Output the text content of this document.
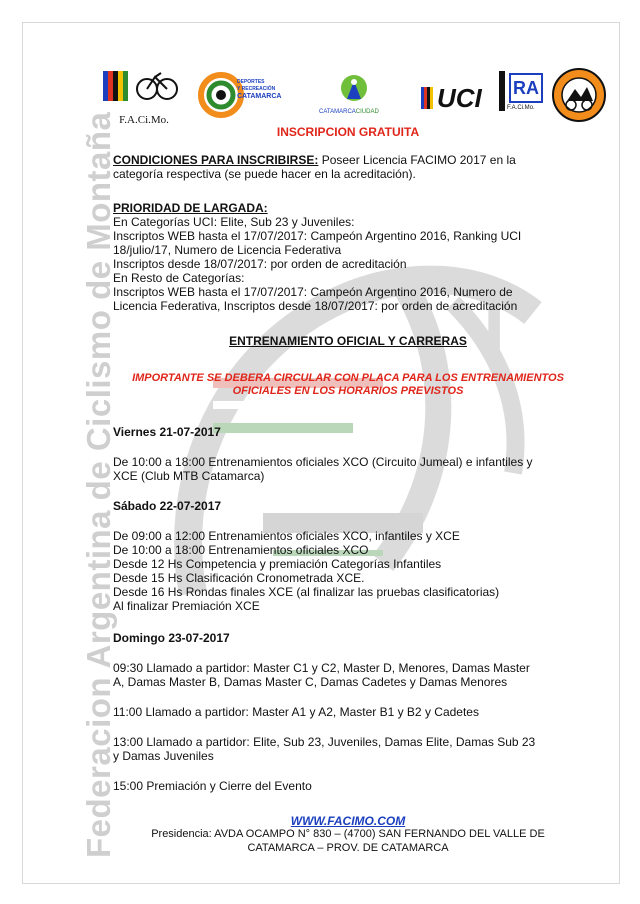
I
Federacion Argentina de Ciclismo de Montaña F.A.Ci.Mo.
DEPORTES
Y RECREACIÓN
CATAMARCA
CATAMARCACIUDAD	UCI RA
F.A.Ci.Mo.

INSCRIPCION GRATUITA

CONDICIONES PARA INSCRIBIRSE: Poseer Licencia FACIMO 2017 en la

categoría respectiva (se puede hacer en la acreditación).

PRIORIDAD DE LARGADA:

En Categorías UCI: Elite, Sub 23 y Juveniles:

Inscriptos WEB hasta el 17/07/2017: Campeón Argentino 2016, Ranking UCI

18/julio/17, Numero de Licencia Federativa

Inscriptos desde 18/07/2017: por orden de acreditación

En Resto de Categorías:

Inscriptos WEB hasta el 17/07/2017: Campeón Argentino 2016, Numero de

Licencia Federativa, Inscriptos desde 18/07/2017: por orden de acreditación

ENTRENAMIENTO OFICIAL Y CARRERAS

IMPORTANTE SE DEBERA CIRCULAR CON PLACA PARA LOS ENTRENAMIENTOS

OFICIALES EN LOS HORARIOS PREVISTOS

Viernes 21-07-2017

De 10:00 a 18:00 Entrenamientos oficiales XCO (Circuito Jumeal) e infantiles y

XCE (Club MTB Catamarca)

Sábado 22-07-2017

De 09:00 a 12:00 Entrenamientos oficiales XCO, infantiles y XCE

De 10:00 a 18:00 Entrenamientos oficiales XCO

Desde 12 Hs Competencia y premiación Categorías Infantiles

Desde 15 Hs Clasificación Cronometrada XCE.

Desde 16 Hs Rondas finales XCE (al finalizar las pruebas clasificatorias)

Al finalizar Premiación XCE

Domingo 23-07-2017

09:30 Llamado a partidor: Master C1 y C2, Master D, Menores, Damas Master

A, Damas Master B, Damas Master C, Damas Cadetes y Damas Menores

11:00 Llamado a partidor: Master A1 y A2, Master B1 y B2 y Cadetes

13:00 Llamado a partidor: Elite, Sub 23, Juveniles, Damas Elite, Damas Sub 23

y Damas Juveniles

15:00 Premiación y Cierre del Evento

WWW.FACIMO.COM

Presidencia: AVDA OCAMPO N° 830 – (4700) SAN FERNANDO DEL VALLE DE

CATAMARCA – PROV. DE CATAMARCA
